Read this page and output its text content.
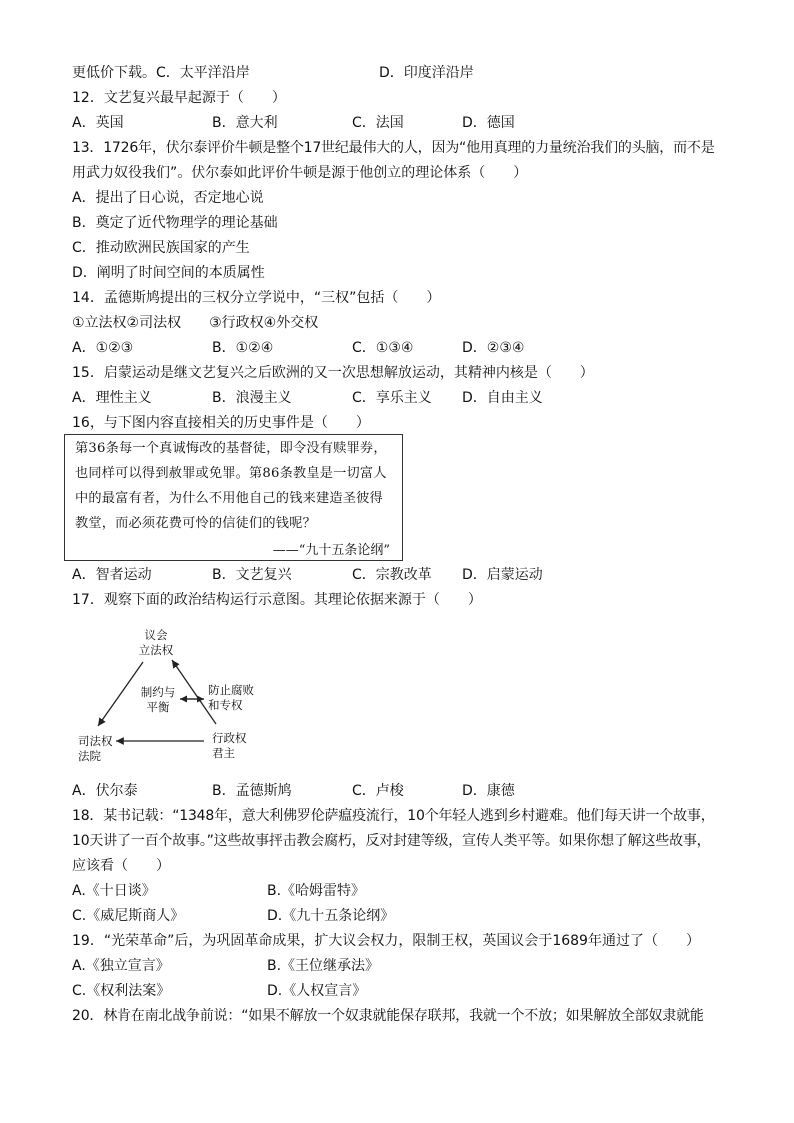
更低价下载。C．太平洋沿岸	D．印度洋沿岸
12．文艺复兴最早起源于（　　）
A．英国	B．意大利	C．法国	D．德国
13．1726年，伏尔泰评价牛顿是整个17世纪最伟大的人，因为“他用真理的力量统治我们的头脑，而不是
用武力奴役我们”。伏尔泰如此评价牛顿是源于他创立的理论体系（　　）
A．提出了日心说，否定地心说
B．奠定了近代物理学的理论基础
C．推动欧洲民族国家的产生
D．阐明了时间空间的本质属性
14．孟德斯鸠提出的三权分立学说中，“三权”包括（　　）
①立法权②司法权　　③行政权④外交权
A．①②③	B．①②④	C．①③④	D．②③④
15．启蒙运动是继文艺复兴之后欧洲的又一次思想解放运动，其精神内核是（　　）
A．理性主义	B．浪漫主义	C．享乐主义 D．自由主义
16，与下图内容直接相关的历史事件是（　　）
第36条每一个真诚悔改的基督徒，即令没有赎罪券，
也同样可以得到赦罪或免罪。第86条教皇是一切富人
中的最富有者，为什么不用他自己的钱来建造圣彼得
教堂，而必须花费可怜的信徒们的钱呢？
——“九十五条论纲”
A．智者运动	B．文艺复兴	C．宗教改革 D．启蒙运动
17．观察下面的政治结构运行示意图。其理论依据来源于（　　）
议会
立法权
制约与
平衡
防止腐败
和专权
行政权
君主
司法权
法院
A．伏尔泰	B．孟德斯鸠	C．卢梭	D．康德
18．某书记载：“1348年，意大利佛罗伦萨瘟疫流行，10个年轻人逃到乡村避难。他们每天讲一个故事，
10天讲了一百个故事。”这些故事抨击教会腐朽，反对封建等级，宣传人类平等。如果你想了解这些故事，
应该看（　　）
A.《十日谈》	B.《哈姆雷特》
C.《威尼斯商人》	D.《九十五条论纲》
19．“光荣革命”后，为巩固革命成果，扩大议会权力，限制王权，英国议会于1689年通过了（　　）
A.《独立宣言》	B.《王位继承法》
C.《权利法案》	D.《人权宣言》
20．林肯在南北战争前说：“如果不解放一个奴隶就能保存联邦，我就一个不放；如果解放全部奴隶就能
